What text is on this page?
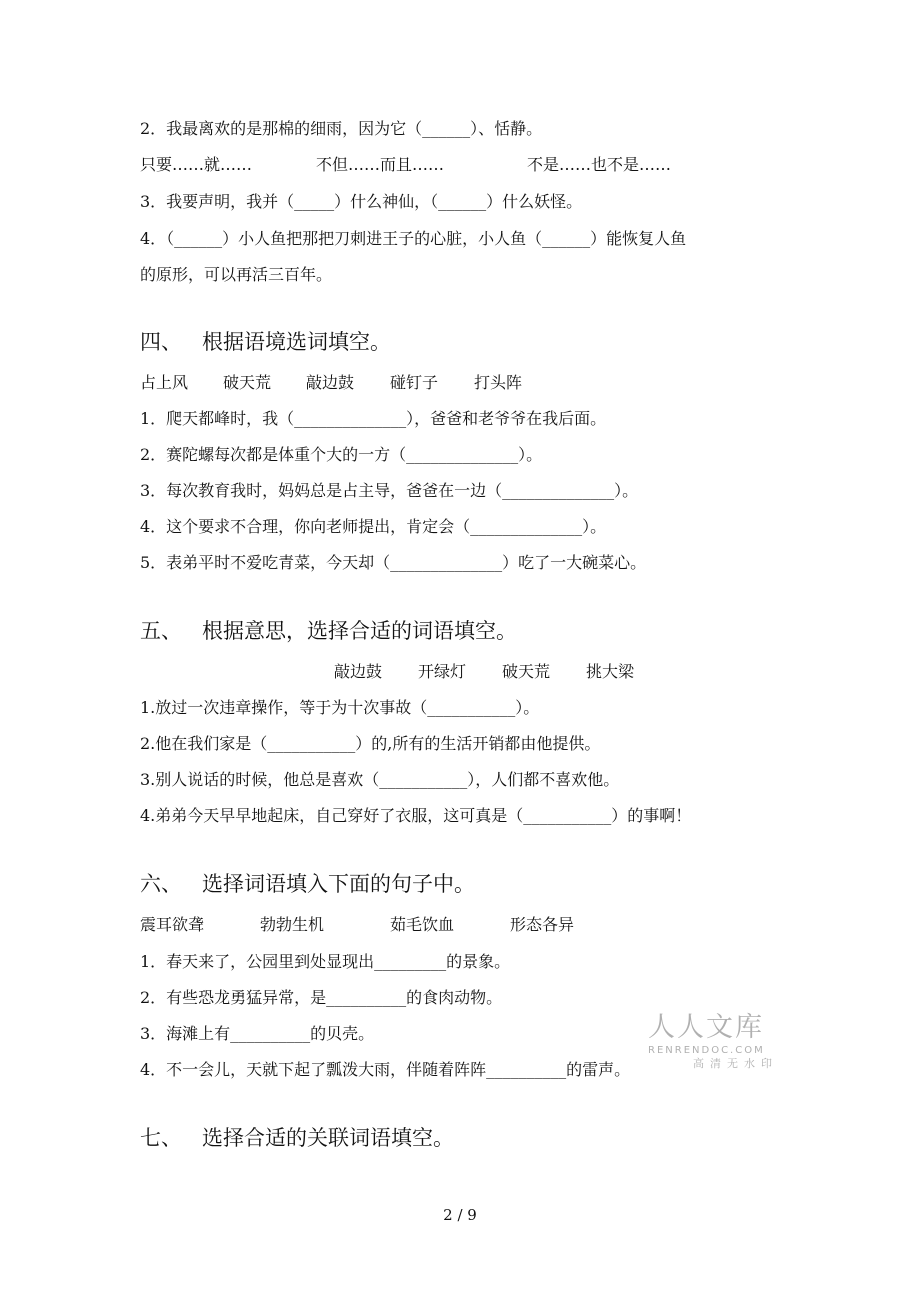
2．我最离欢的是那棉的细雨，因为它（______）、恬静。
只要……就……	不但……而且……	不是……也不是……
3．我要声明，我并（_____）什么神仙，（______）什么妖怪。
4．（______）小人鱼把那把刀刺进王子的心脏，小人鱼（______）能恢复人鱼
的原形，可以再活三百年。
四、 根据语境选词填空。
占上风 破天荒 敲边鼓 碰钉子 打头阵
1．爬天都峰时，我（______________），爸爸和老爷爷在我后面。
2．赛陀螺每次都是体重个大的一方（______________）。
3．每次教育我时，妈妈总是占主导，爸爸在一边（______________）。
4．这个要求不合理，你向老师提出，肯定会（______________）。
5．表弟平时不爱吃青菜，今天却（______________）吃了一大碗菜心。
五、 根据意思，选择合适的词语填空。
敲边鼓 开绿灯 破天荒 挑大梁
1.放过一次违章操作，等于为十次事故（___________）。
2.他在我们家是（___________）的,所有的生活开销都由他提供。
3.别人说话的时候，他总是喜欢（___________），人们都不喜欢他。
4.弟弟今天早早地起床，自己穿好了衣服，这可真是（___________）的事啊！
六、 选择词语填入下面的句子中。
震耳欲聋	勃勃生机	茹毛饮血	形态各异
1．春天来了，公园里到处显现出_________的景象。
2．有些恐龙勇猛异常，是__________的食肉动物。
3．海滩上有__________的贝壳。
4．不一会儿，天就下起了瓢泼大雨，伴随着阵阵__________的雷声。
七、 选择合适的关联词语填空。
人人文库
RENRENDOC.COM
高清无水印
2 / 9
